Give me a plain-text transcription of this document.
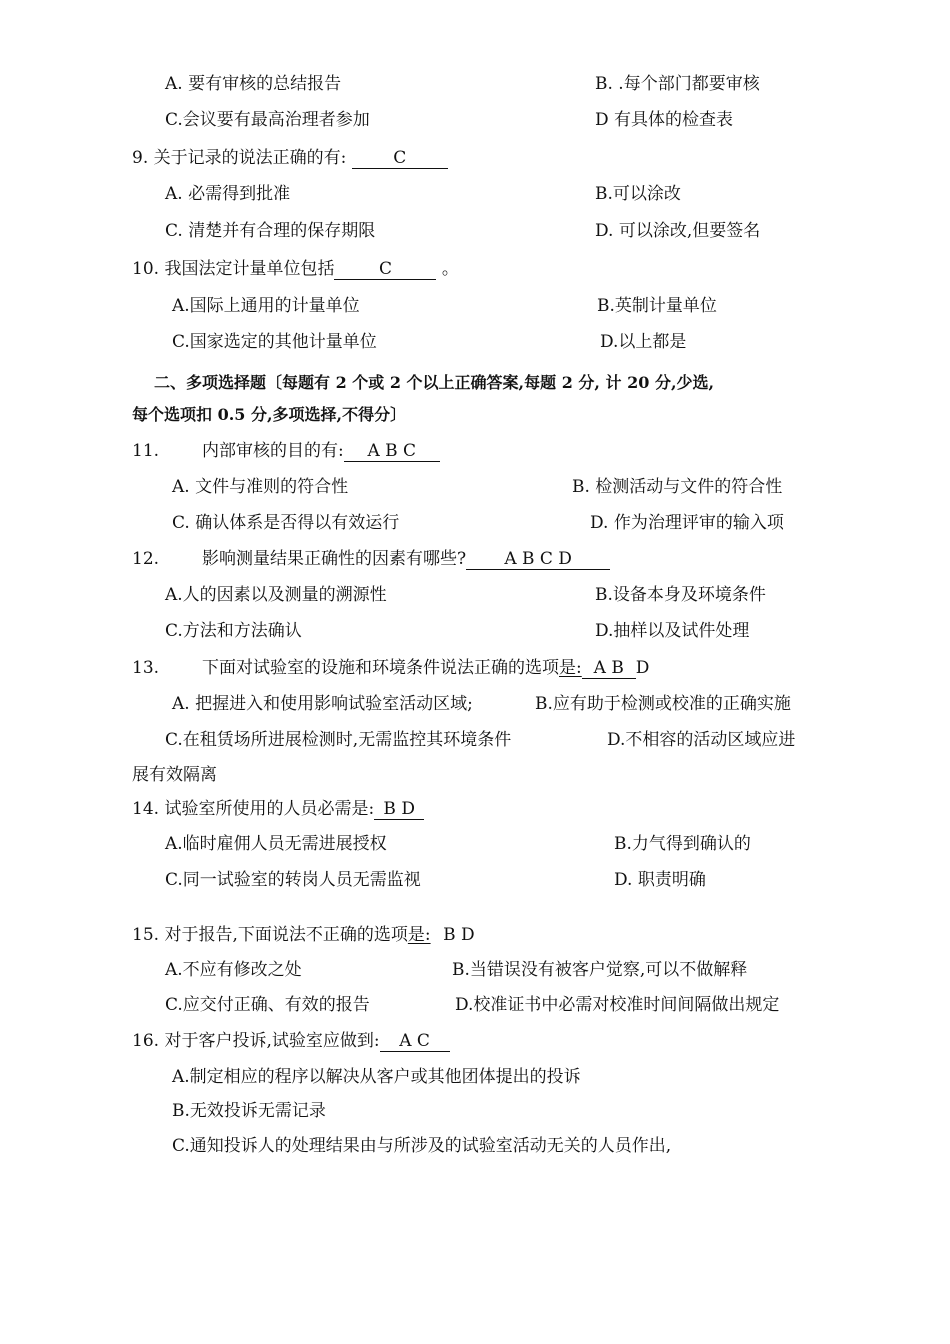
A. 要有审核的总结报告	B. .每个部门都要审核
C.会议要有最高治理者参加	D 有具体的检查表
9. 关于记录的说法正确的有:	C
A. 必需得到批准	B.可以涂改
C. 清楚并有合理的保存期限	D. 可以涂改,但要签名
10. 我国法定计量单位包括	C	。
A.国际上通用的计量单位	B.英制计量单位
C.国家选定的其他计量单位	D.以上都是
二、多项选择题〔每题有 2 个或 2 个以上正确答案,每题 2 分, 计 20 分,少选,
每个选项扣 0.5 分,多项选择,不得分〕
11.	内部审核的目的有: A B C
A. 文件与准则的符合性	B. 检测活动与文件的符合性
C. 确认体系是否得以有效运行	D. 作为治理评审的输入项
12.	影响测量结果正确性的因素有哪些? A B C D
A.人的因素以及测量的溯源性	B.设备本身及环境条件
C.方法和方法确认	D.抽样以及试件处理
13.	下面对试验室的设施和环境条件说法正确的选项是: A B D
A. 把握进入和使用影响试验室活动区域;	B.应有助于检测或校准的正确实施
C.在租赁场所进展检测时,无需监控其环境条件	D.不相容的活动区域应进
展有效隔离
14. 试验室所使用的人员必需是: B D
A.临时雇佣人员无需进展授权	B.力气得到确认的
C.同一试验室的转岗人员无需监视	D. 职责明确
15. 对于报告,下面说法不正确的选项是: B D
A.不应有修改之处	B.当错误没有被客户觉察,可以不做解释
C.应交付正确、有效的报告	D.校准证书中必需对校准时间间隔做出规定
16. 对于客户投诉,试验室应做到: A C
A.制定相应的程序以解决从客户或其他团体提出的投诉
B.无效投诉无需记录
C.通知投诉人的处理结果由与所涉及的试验室活动无关的人员作出,
